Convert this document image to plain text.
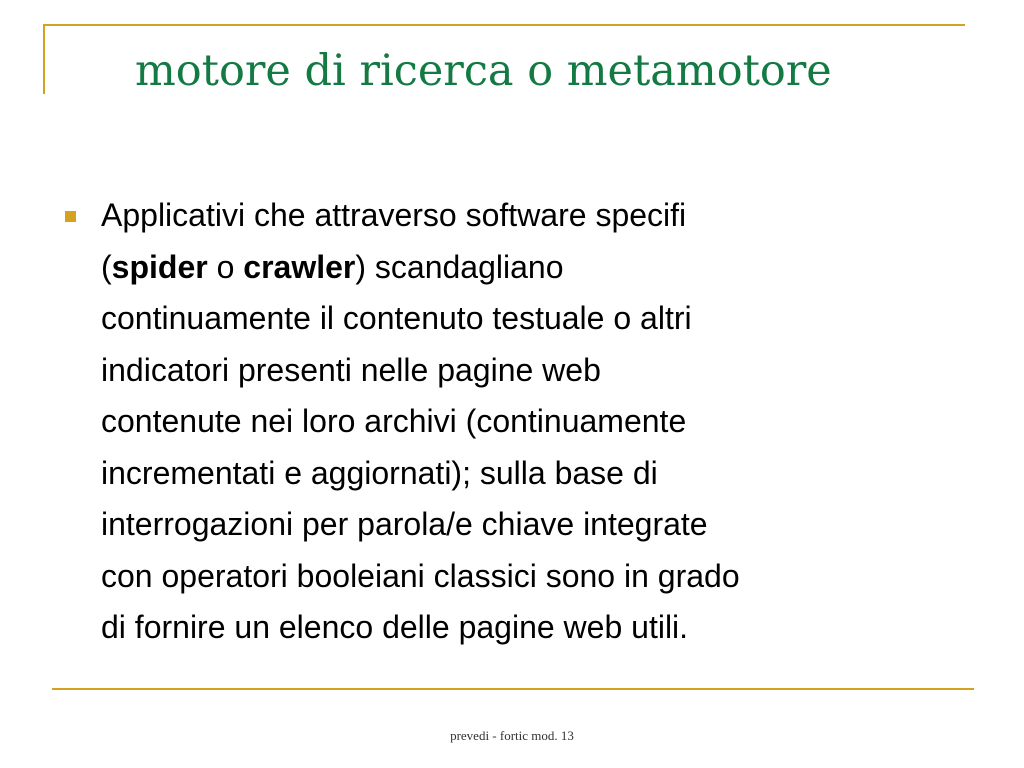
motore di ricerca o metamotore
Applicativi che attraverso software specifi
(spider o crawler) scandagliano
continuamente il contenuto testuale o altri
indicatori presenti nelle pagine web
contenute nei loro archivi (continuamente
incrementati e aggiornati); sulla base di
interrogazioni per parola/e chiave integrate
con operatori booleiani classici sono in grado
di fornire un elenco delle pagine web utili.
prevedi - fortic mod. 13
